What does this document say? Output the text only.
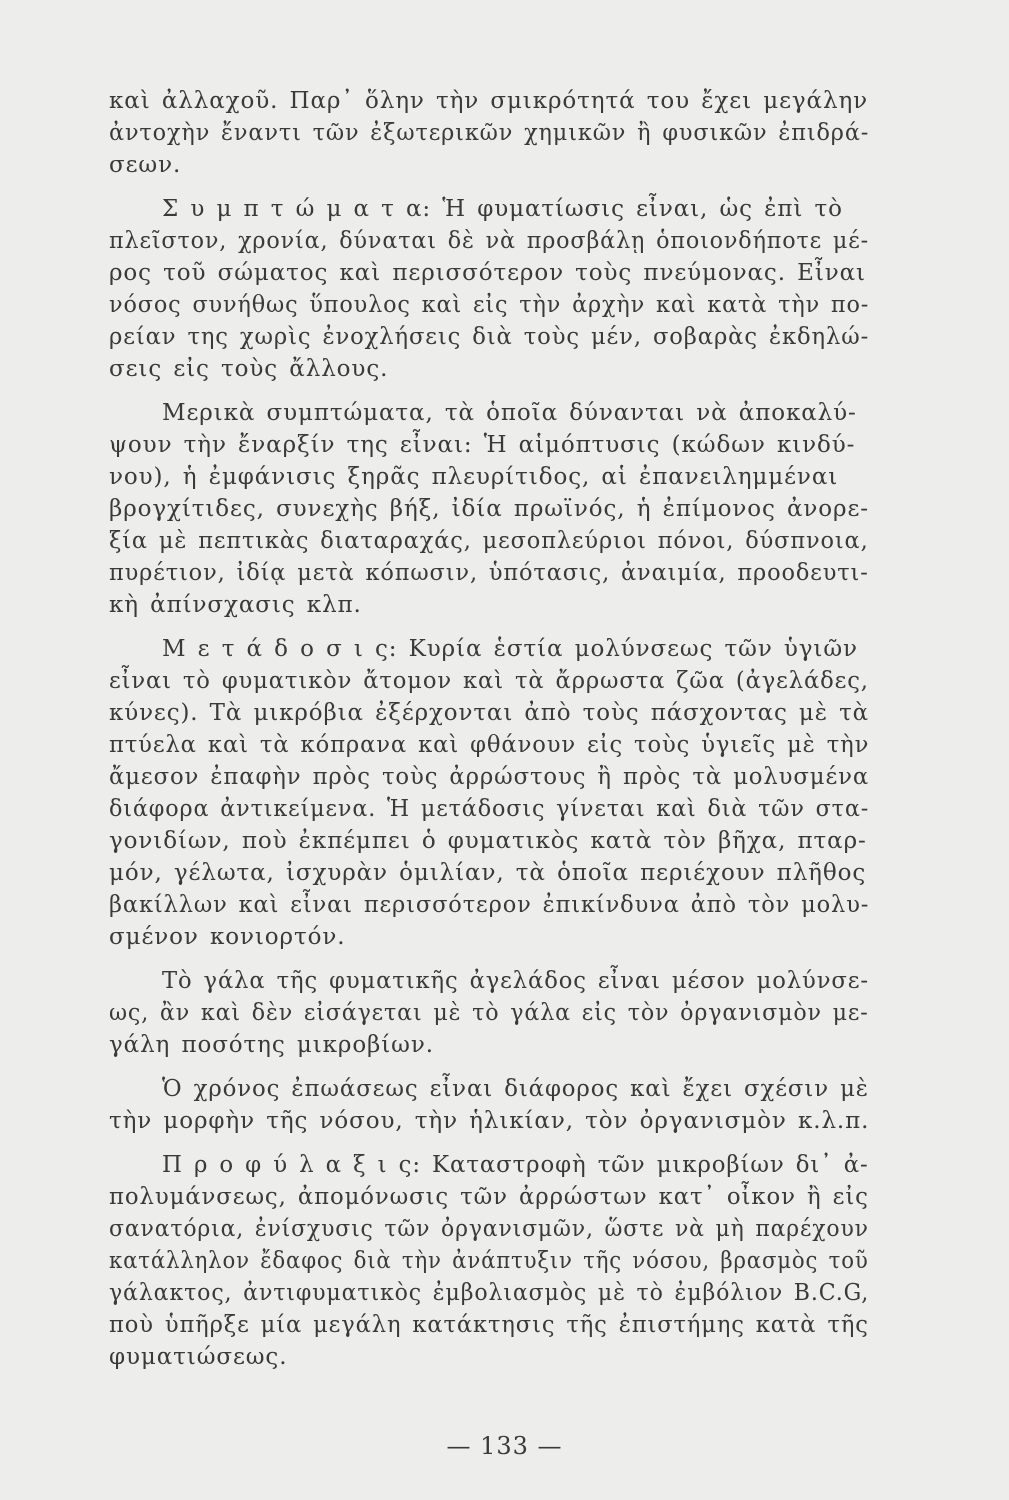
καὶ ἀλλαχοῦ. Παρ᾽ ὅλην τὴν σμικρότητά του ἔχει μεγάλην
ἀντοχὴν ἔναντι τῶν ἐξωτερικῶν χημικῶν ἢ φυσικῶν ἐπιδρά-
σεων.
Σ υ μ π τ ώ μ α τ α: Ἡ φυματίωσις εἶναι, ὡς ἐπὶ τὸ
πλεῖστον, χρονία, δύναται δὲ νὰ προσβάλῃ ὁποιονδήποτε μέ-
ρος τοῦ σώματος καὶ περισσότερον τοὺς πνεύμονας. Εἶναι
νόσος συνήθως ὕπουλος καὶ εἰς τὴν ἀρχὴν καὶ κατὰ τὴν πο-
ρείαν της χωρὶς ἐνοχλήσεις διὰ τοὺς μέν, σοβαρὰς ἐκδηλώ-
σεις εἰς τοὺς ἄλλους.
Μερικὰ συμπτώματα, τὰ ὁποῖα δύνανται νὰ ἀποκαλύ-
ψουν τὴν ἔναρξίν της εἶναι: Ἡ αἱμόπτυσις (κώδων κινδύ-
νου), ἡ ἐμφάνισις ξηρᾶς πλευρίτιδος, αἱ ἐπανειλημμέναι
βρογχίτιδες, συνεχὴς βήξ, ἰδία πρωϊνός, ἡ ἐπίμονος ἀνορε-
ξία μὲ πεπτικὰς διαταραχάς, μεσοπλεύριοι πόνοι, δύσπνοια,
πυρέτιον, ἰδίᾳ μετὰ κόπωσιν, ὑπότασις, ἀναιμία, προοδευτι-
κὴ ἀπίνσχασις κλπ.
Μ ε τ ά δ ο σ ι ς: Κυρία ἑστία μολύνσεως τῶν ὑγιῶν
εἶναι τὸ φυματικὸν ἄτομον καὶ τὰ ἄρρωστα ζῶα (ἀγελάδες,
κύνες). Τὰ μικρόβια ἐξέρχονται ἀπὸ τοὺς πάσχοντας μὲ τὰ
πτύελα καὶ τὰ κόπρανα καὶ φθάνουν εἰς τοὺς ὑγιεῖς μὲ τὴν
ἄμεσον ἐπαφὴν πρὸς τοὺς ἀρρώστους ἢ πρὸς τὰ μολυσμένα
διάφορα ἀντικείμενα. Ἡ μετάδοσις γίνεται καὶ διὰ τῶν στα-
γονιδίων, ποὺ ἐκπέμπει ὁ φυματικὸς κατὰ τὸν βῆχα, πταρ-
μόν, γέλωτα, ἰσχυρὰν ὁμιλίαν, τὰ ὁποῖα περιέχουν πλῆθος
βακίλλων καὶ εἶναι περισσότερον ἐπικίνδυνα ἀπὸ τὸν μολυ-
σμένον κονιορτόν.
Τὸ γάλα τῆς φυματικῆς ἀγελάδος εἶναι μέσον μολύνσε-
ως, ἂν καὶ δὲν εἰσάγεται μὲ τὸ γάλα εἰς τὸν ὀργανισμὸν με-
γάλη ποσότης μικροβίων.
Ὁ χρόνος ἐπωάσεως εἶναι διάφορος καὶ ἔχει σχέσιν μὲ
τὴν μορφὴν τῆς νόσου, τὴν ἡλικίαν, τὸν ὀργανισμὸν κ.λ.π.
Π ρ ο φ ύ λ α ξ ι ς: Καταστροφὴ τῶν μικροβίων δι᾽ ἀ-
πολυμάνσεως, ἀπομόνωσις τῶν ἀρρώστων κατ᾽ οἶκον ἢ εἰς
σανατόρια, ἐνίσχυσις τῶν ὀργανισμῶν, ὥστε νὰ μὴ παρέχουν
κατάλληλον ἔδαφος διὰ τὴν ἀνάπτυξιν τῆς νόσου, βρασμὸς τοῦ
γάλακτος, ἀντιφυματικὸς ἐμβολιασμὸς μὲ τὸ ἐμβόλιον B.C.G,
ποὺ ὑπῆρξε μία μεγάλη κατάκτησις τῆς ἐπιστήμης κατὰ τῆς
φυματιώσεως.
— 133 —
